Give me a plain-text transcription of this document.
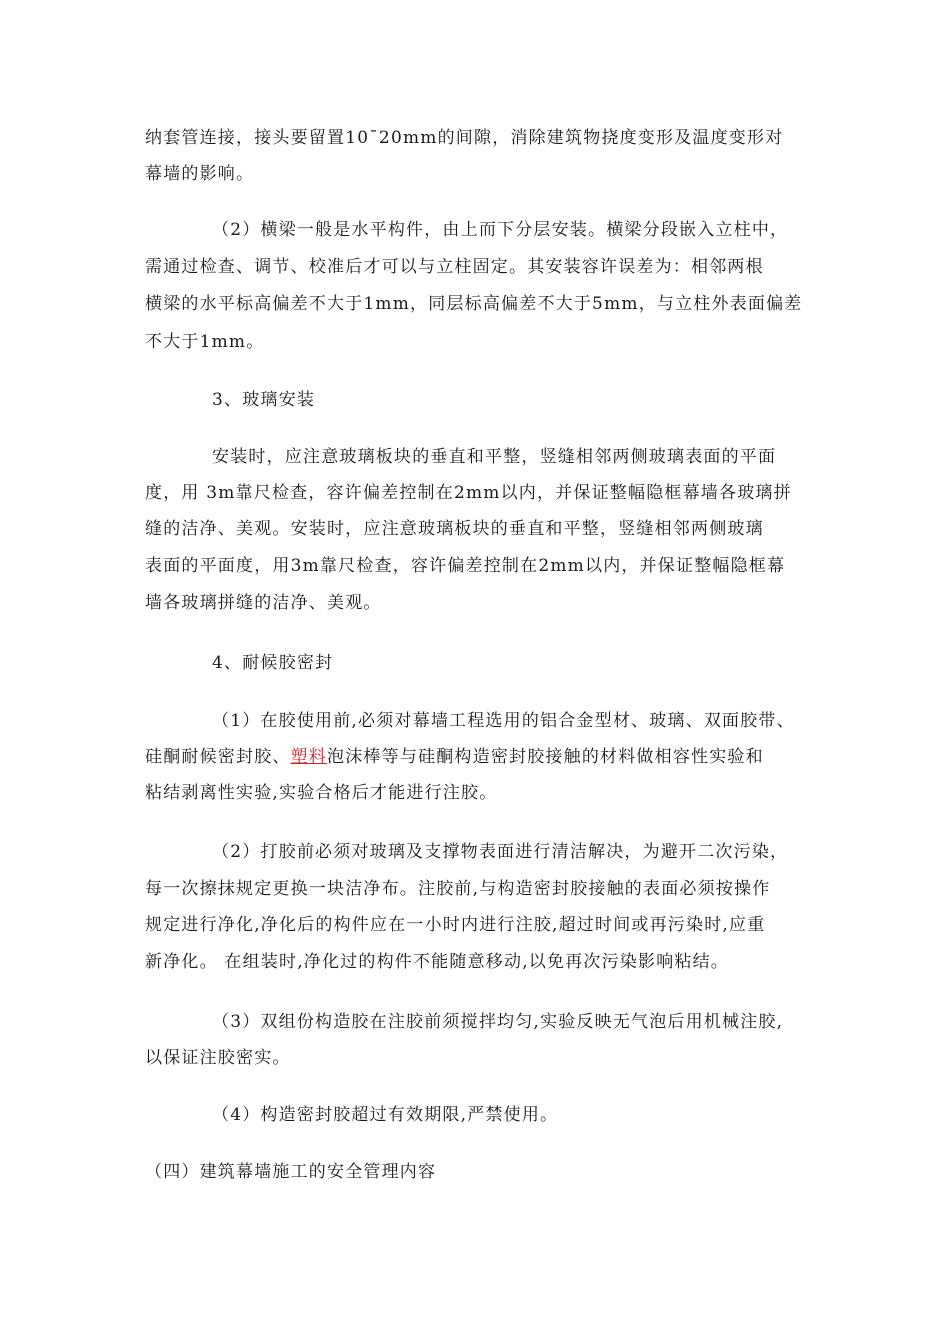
纳套管连接，接头要留置10¯20mm的间隙，消除建筑物挠度变形及温度变形对
幕墙的影响。
（2）横梁一般是水平构件，由上而下分层安装。横梁分段嵌入立柱中，
需通过检查、调节、校准后才可以与立柱固定。其安装容许误差为：相邻两根
横梁的水平标高偏差不大于1mm，同层标高偏差不大于5mm，与立柱外表面偏差
不大于1mm。
3、玻璃安装
安装时，应注意玻璃板块的垂直和平整，竖缝相邻两侧玻璃表面的平面
度，用 3m靠尺检查，容许偏差控制在2mm以内，并保证整幅隐框幕墙各玻璃拼
缝的洁净、美观。安装时，应注意玻璃板块的垂直和平整，竖缝相邻两侧玻璃
表面的平面度，用3m靠尺检查，容许偏差控制在2mm以内，并保证整幅隐框幕
墙各玻璃拼缝的洁净、美观。
4、耐候胶密封
（1）在胶使用前,必须对幕墙工程选用的铝合金型材、玻璃、双面胶带、
硅酮耐候密封胶、塑料泡沫棒等与硅酮构造密封胶接触的材料做相容性实验和
粘结剥离性实验,实验合格后才能进行注胶。
（2）打胶前必须对玻璃及支撑物表面进行清洁解决，为避开二次污染，
每一次擦抹规定更换一块洁净布。注胶前,与构造密封胶接触的表面必须按操作
规定进行净化,净化后的构件应在一小时内进行注胶,超过时间或再污染时,应重
新净化。 在组装时,净化过的构件不能随意移动,以免再次污染影响粘结。
（3）双组份构造胶在注胶前须搅拌均匀,实验反映无气泡后用机械注胶,
以保证注胶密实。
（4）构造密封胶超过有效期限,严禁使用。
（四）建筑幕墙施工的安全管理内容
